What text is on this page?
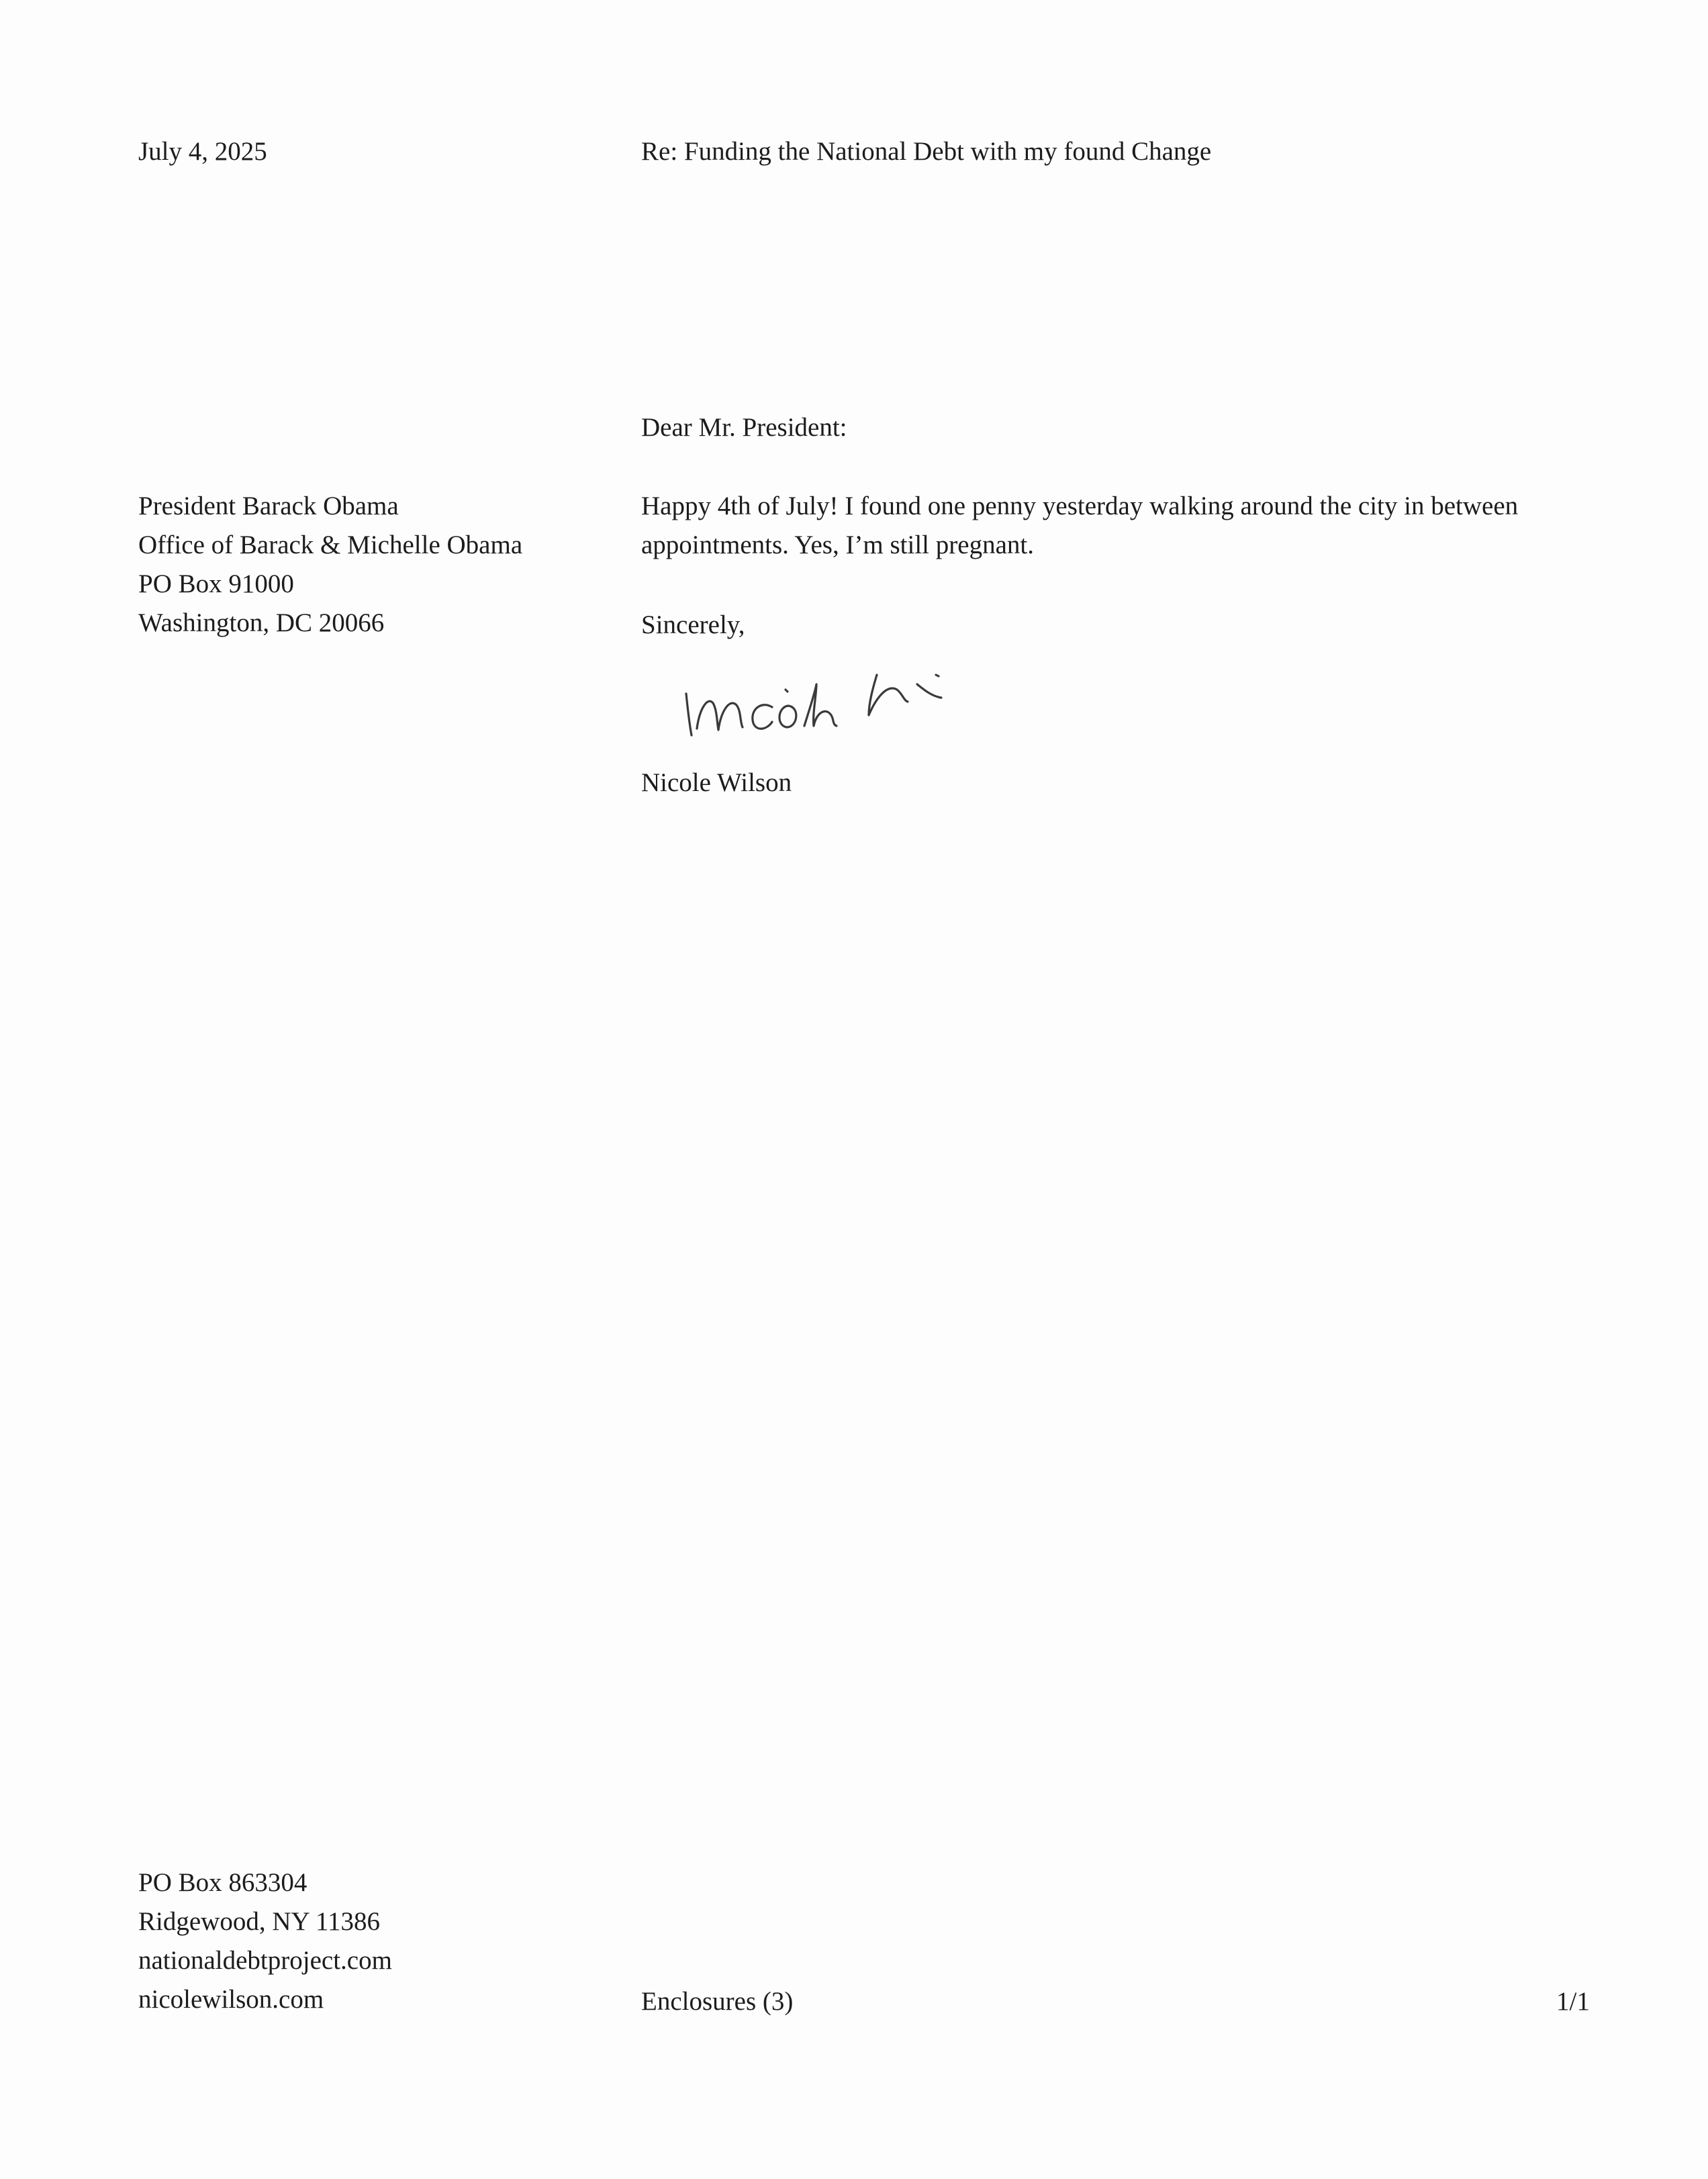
July 4, 2025	Re: Funding the National Debt with my found Change
Dear Mr. President:
President Barack Obama
Office of Barack & Michelle Obama
PO Box 91000
Washington, DC 20066
Happy 4th of July! I found one penny yesterday walking around the city in between
appointments. Yes, I’m still pregnant.
Sincerely,
Nicole Wilson
PO Box 863304
Ridgewood, NY 11386
nationaldebtproject.com
nicolewilson.com	Enclosures (3)	1/1
